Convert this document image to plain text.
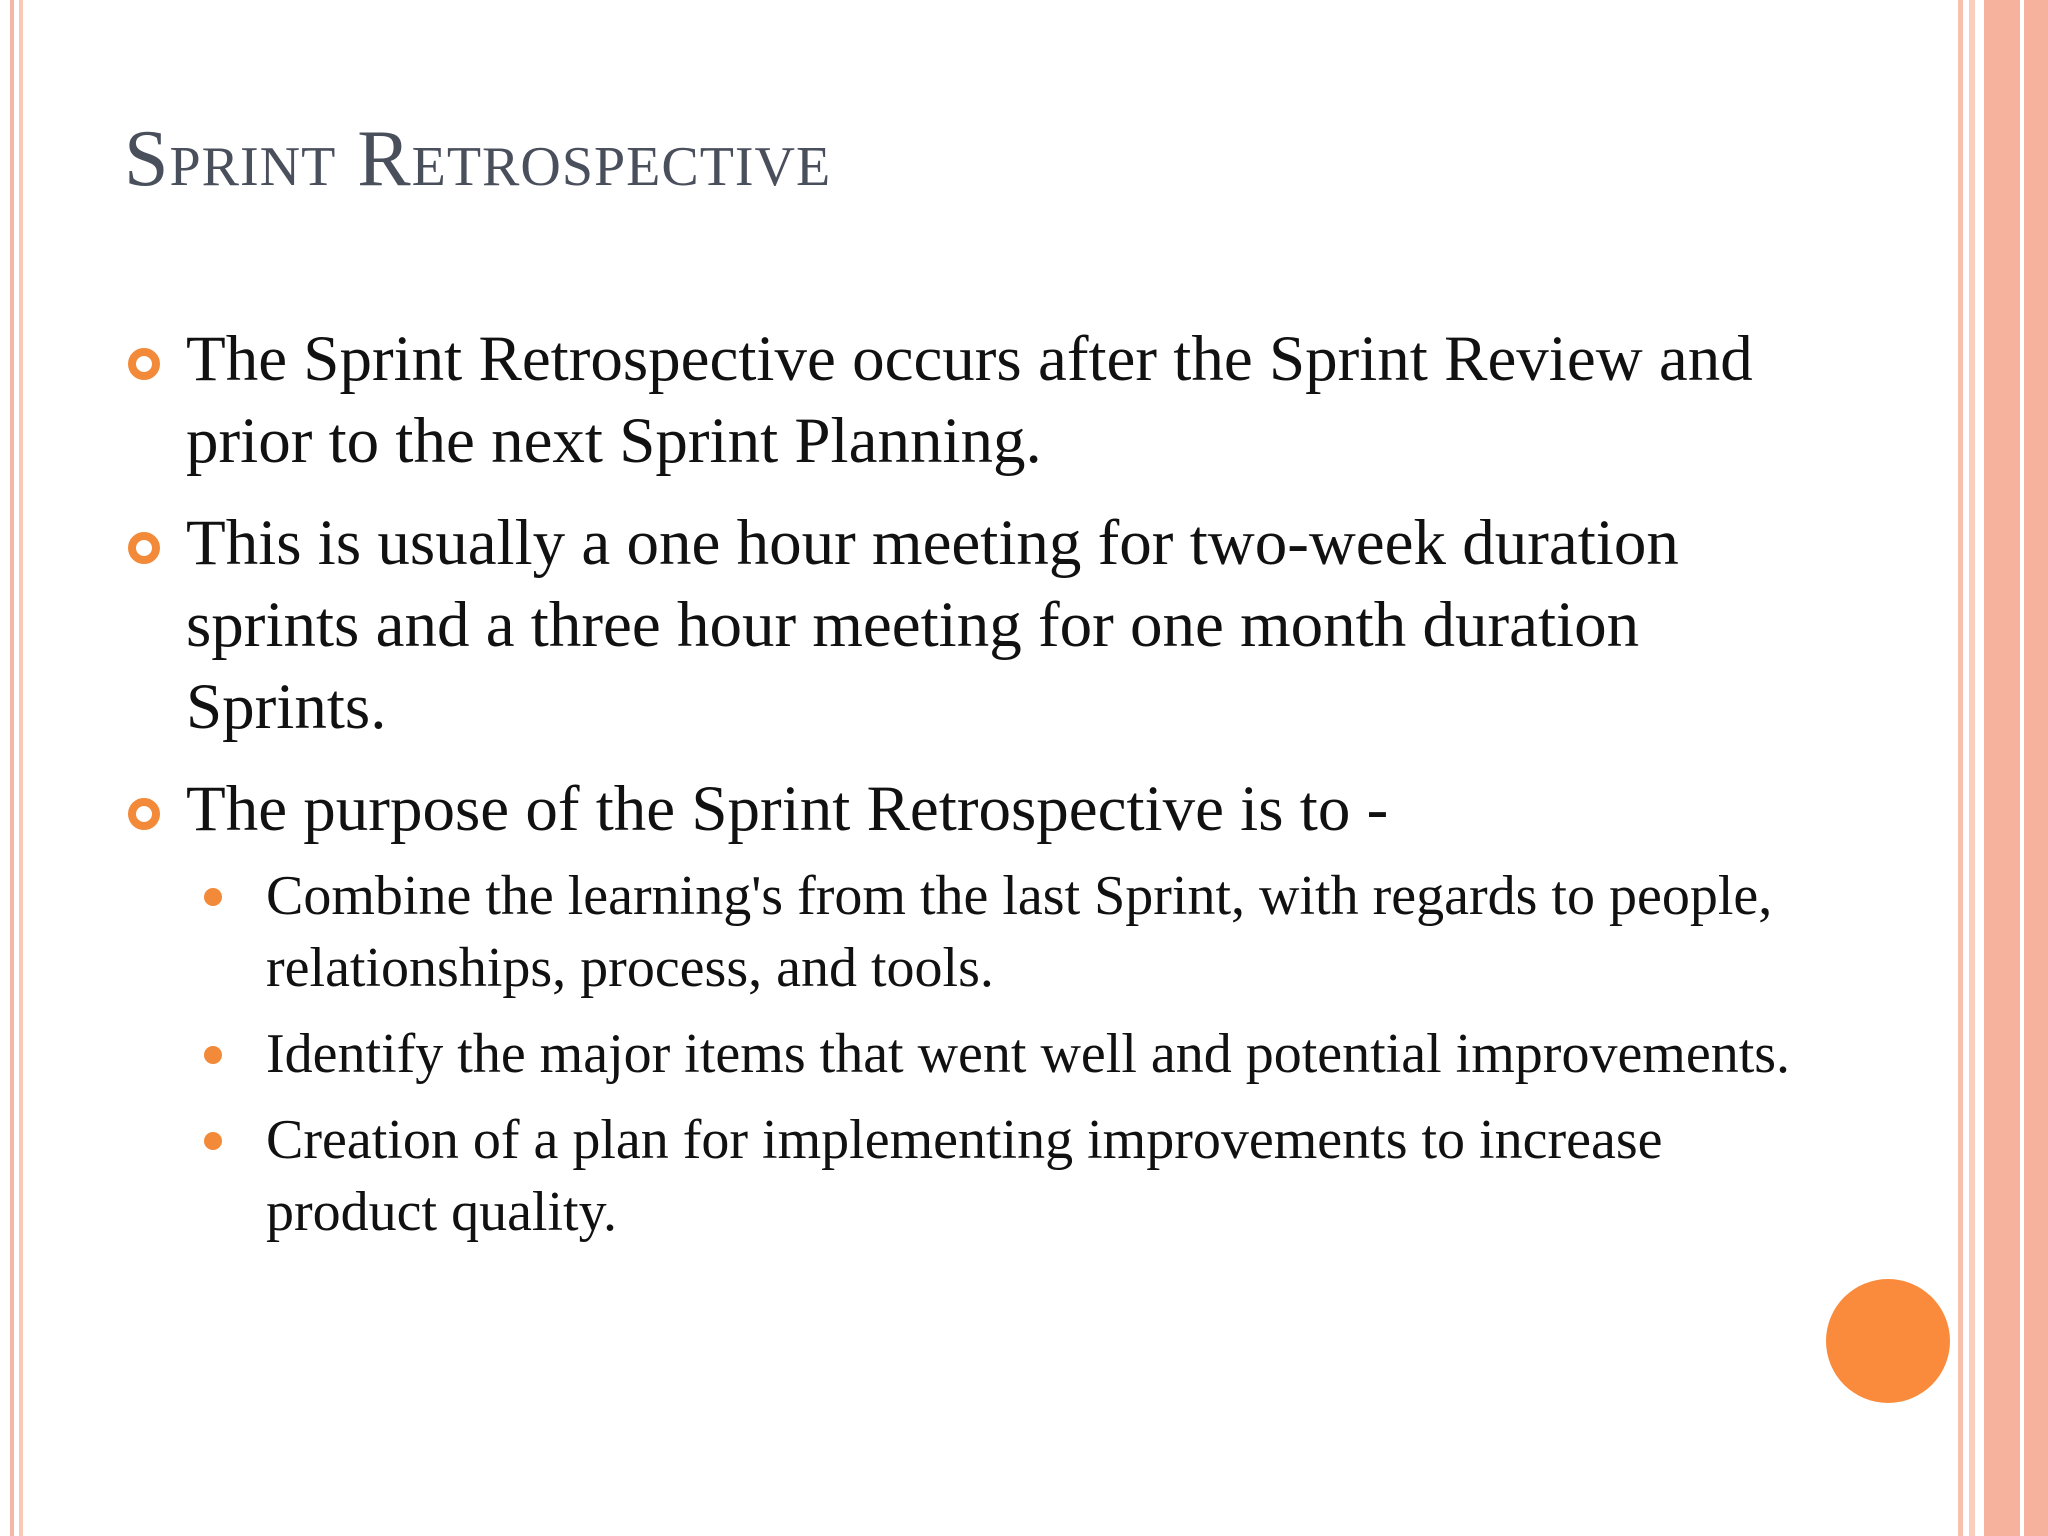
Sprint Retrospective
The Sprint Retrospective occurs after the Sprint Review and prior to the next Sprint Planning.
This is usually a one hour meeting for two-week duration sprints and a three hour meeting for one month duration Sprints.
The purpose of the Sprint Retrospective is to -
Combine the learning's from the last Sprint, with regards to people, relationships, process, and tools.
Identify the major items that went well and potential improvements.
Creation of a plan for implementing improvements to increase product quality.
